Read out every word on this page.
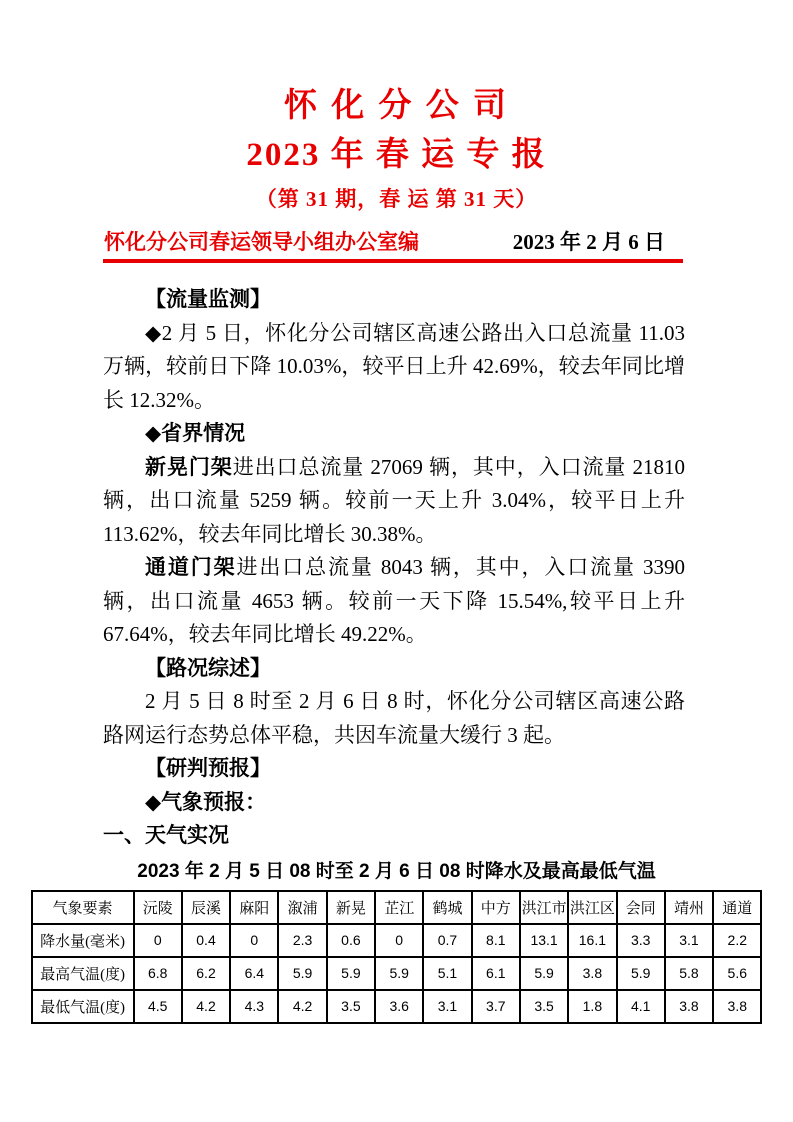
怀 化 分 公 司
2023 年 春 运 专 报
（第 31 期，春 运 第 31 天）
怀化分公司春运领导小组办公室编	2023 年 2 月 6 日

【流量监测】

◆2 月 5 日，怀化分公司辖区高速公路出入口总流量 11.03 万辆，较前日下降 10.03%，较平日上升 42.69%，较去年同比增长 12.32%。

◆省界情况

新晃门架进出口总流量 27069 辆，其中，入口流量 21810 辆，出口流量 5259 辆。较前一天上升 3.04%，较平日上升 113.62%，较去年同比增长 30.38%。

通道门架进出口总流量 8043 辆，其中，入口流量 3390 辆，出口流量 4653 辆。较前一天下降 15.54%,较平日上升 67.64%，较去年同比增长 49.22%。

【路况综述】

2 月 5 日 8 时至 2 月 6 日 8 时，怀化分公司辖区高速公路路网运行态势总体平稳，共因车流量大缓行 3 起。

【研判预报】

◆气象预报：

一、天气实况

2023 年 2 月 5 日 08 时至 2 月 6 日 08 时降水及最高最低气温
气象要素	沅陵	辰溪	麻阳	溆浦	新晃	芷江	鹤城	中方	洪江市	洪江区	会同	靖州	通道
降水量(毫米)	0	0.4	0	2.3	0.6	0	0.7	8.1	13.1	16.1	3.3	3.1	2.2
最高气温(度)	6.8	6.2	6.4	5.9	5.9	5.9	5.1	6.1	5.9	3.8	5.9	5.8	5.6
最低气温(度)	4.5	4.2	4.3	4.2	3.5	3.6	3.1	3.7	3.5	1.8	4.1	3.8	3.8
